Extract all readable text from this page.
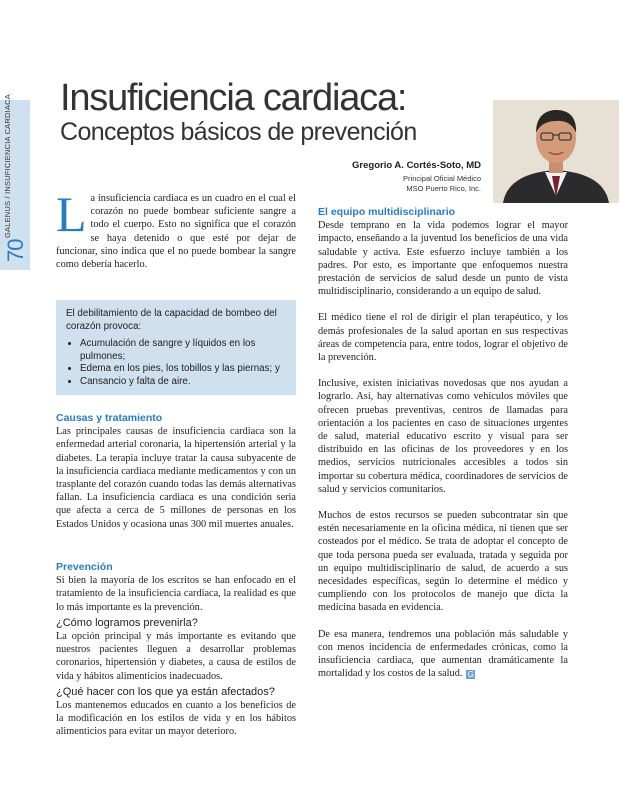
GALENUS / INSUFICIENCIA CARDIACA
70
Insuficiencia cardiaca:
Conceptos básicos de prevención
Gregorio A. Cortés-Soto, MD
Principal Oficial Médico
MSO Puerto Rico, Inc.
La insuficiencia cardiaca es un cuadro en el cual el corazón no puede bombear suficiente sangre a todo el cuerpo. Esto no significa que el corazón se haya detenido o que esté por dejar de funcionar, sino indica que el no puede bombear la sangre como debería hacerlo.
El debilitamiento de la capacidad de bombeo del corazón provoca:
• Acumulación de sangre y líquidos en los pulmones;
• Edema en los pies, los tobillos y las piernas; y
• Cansancio y falta de aire.
Causas y tratamiento

Las principales causas de insuficiencia cardiaca son la enfermedad arterial coronaria, la hipertensión arterial y la diabetes. La terapia incluye tratar la causa subyacente de la insuficiencia cardiaca mediante medicamentos y con un trasplante del corazón cuando todas las demás alternativas fallan. La insuficiencia cardiaca es una condición seria que afecta a cerca de 5 millones de personas en los Estados Unidos y ocasiona unas 300 mil muertes anuales.

Prevención

Si bien la mayoría de los escritos se han enfocado en el tratamiento de la insuficiencia cardiaca, la realidad es que lo más importante es la prevención.

¿Cómo logramos prevenirla?

La opción principal y más importante es evitando que nuestros pacientes lleguen a desarrollar problemas coronarios, hipertensión y diabetes, a causa de estilos de vida y hábitos alimenticios inadecuados.

¿Qué hacer con los que ya están afectados?

Los mantenemos educados en cuanto a los beneficios de la modificación en los estilos de vida y en los hábitos alimenticios para evitar un mayor deterioro.

El equipo multidisciplinario

Desde temprano en la vida podemos lograr el mayor impacto, enseñando a la juventud los beneficios de una vida saludable y activa. Este esfuerzo incluye también a los padres. Por esto, es importante que enfoquemos nuestra prestación de servicios de salud desde un punto de vista multidisciplinario, considerando a un equipo de salud.

El médico tiene el rol de dirigir el plan terapéutico, y los demás profesionales de la salud aportan en sus respectivas áreas de competencia para, entre todos, lograr el objetivo de la prevención.

Inclusive, existen iniciativas novedosas que nos ayudan a lograrlo. Así, hay alternativas como vehículos móviles que ofrecen pruebas preventivas, centros de llamadas para orientación a los pacientes en caso de situaciones urgentes de salud, material educativo escrito y visual para ser distribuido en las oficinas de los proveedores y en los medios, servicios nutricionales accesibles a todos sin importar su cobertura médica, coordinadores de servicios de salud y servicios comunitarios.

Muchos de estos recursos se pueden subcontratar sin que estén necesariamente en la oficina médica, ni tienen que ser costeados por el médico. Se trata de adoptar el concepto de que toda persona pueda ser evaluada, tratada y seguida por un equipo multidisciplinario de salud, de acuerdo a sus necesidades específicas, según lo determine el médico y cumpliendo con los protocolos de manejo que dicta la medicina basada en evidencia.

De esa manera, tendremos una población más saludable y con menos incidencia de enfermedades crónicas, como la insuficiencia cardiaca, que aumentan dramáticamente la mortalidad y los costos de la salud. G
